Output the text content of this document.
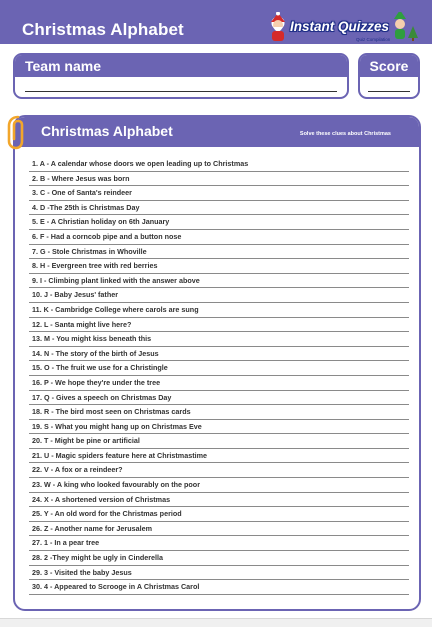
Christmas Alphabet	Instant Quizzes
Quiz Compilation
Team name	Score
Christmas Alphabet	Solve these clues about Christmas
1 . A - A calendar whose doors we open leading up to Christmas
2 . B - Where Jesus was born
3 . C - One of Santa's reindeer
4 . D -The 25th is Christmas Day
5 . E - A Christian holiday on 6th January
6 . F - Had a corncob pipe and a button nose
7 . G - Stole Christmas in Whoville
8 . H - Evergreen tree with red berries
9 . I - Climbing plant linked with the answer above
10 . J - Baby Jesus' father
11 . K - Cambridge College where carols are sung
12 . L - Santa might live here?
13 . M - You might kiss beneath this
14 . N - The story of the birth of Jesus
15 . O - The fruit we use for a Christingle
16 . P - We hope they're under the tree
17 . Q - Gives a speech on Christmas Day
18 . R - The bird most seen on Christmas cards
19 . S - What you might hang up on Christmas Eve
20 . T - Might be pine or artificial
21 . U - Magic spiders feature here at Christmastime
22 . V - A fox or a reindeer?
23 . W - A king who looked favourably on the poor
24 . X - A shortened version of Christmas
25 . Y - An old word for the Christmas period
26 . Z - Another name for Jerusalem
27 . 1 - In a pear tree
28 . 2 -They might be ugly in Cinderella
29 . 3 - Visited the baby Jesus
30 . 4 - Appeared to Scrooge in A Christmas Carol
